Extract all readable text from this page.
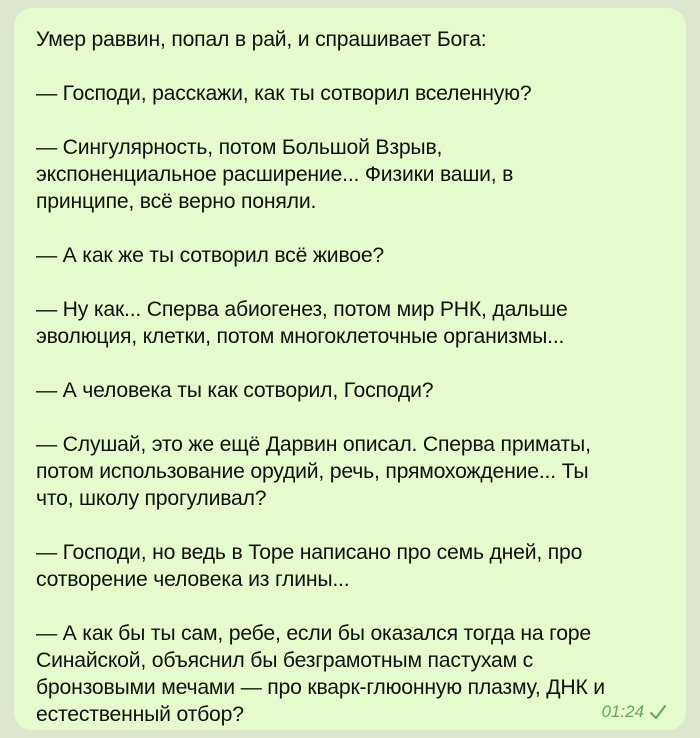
Умер раввин, попал в рай, и спрашивает Бога:

— Господи, расскажи, как ты сотворил вселенную?

— Сингулярность, потом Большой Взрыв,
экспоненциальное расширение... Физики ваши, в
принципе, всё верно поняли.

— А как же ты сотворил всё живое?

— Ну как... Сперва абиогенез, потом мир РНК, дальше
эволюция, клетки, потом многоклеточные организмы...

— А человека ты как сотворил, Господи?

— Слушай, это же ещё Дарвин описал. Сперва приматы,
потом использование орудий, речь, прямохождение... Ты
что, школу прогуливал?

— Господи, но ведь в Торе написано про семь дней, про
сотворение человека из глины...

— А как бы ты сам, ребе, если бы оказался тогда на горе
Синайской, объяснил бы безграмотным пастухам с
бронзовыми мечами — про кварк-глюонную плазму, ДНК и
естественный отбор?	01:24
